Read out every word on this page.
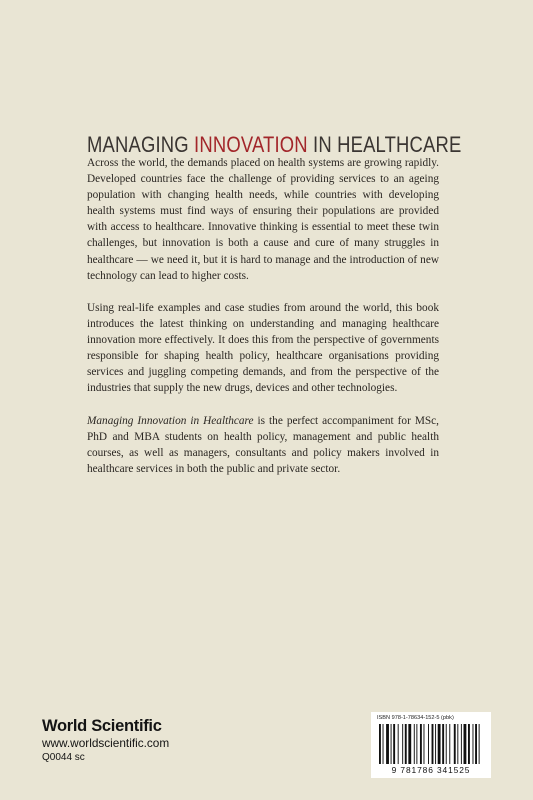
MANAGING INNOVATION IN HEALTHCARE

Across the world, the demands placed on health systems are growing rapidly. Developed countries face the challenge of providing services to an ageing population with changing health needs, while countries with developing health systems must find ways of ensuring their populations are provided with access to healthcare. Innovative thinking is essential to meet these twin challenges, but innovation is both a cause and cure of many struggles in healthcare — we need it, but it is hard to manage and the introduction of new technology can lead to higher costs.

Using real-life examples and case studies from around the world, this book introduces the latest thinking on understanding and managing healthcare innovation more effectively. It does this from the perspective of governments responsible for shaping health policy, healthcare organisations providing services and juggling competing demands, and from the perspective of the industries that supply the new drugs, devices and other technologies.

Managing Innovation in Healthcare is the perfect accompaniment for MSc, PhD and MBA students on health policy, management and public health courses, as well as managers, consultants and policy makers involved in healthcare services in both the public and private sector.

World Scientific
www.worldscientific.com
Q0044 sc
ISBN 978-1-78634-152-5 (pbk)
9 781786 341525
